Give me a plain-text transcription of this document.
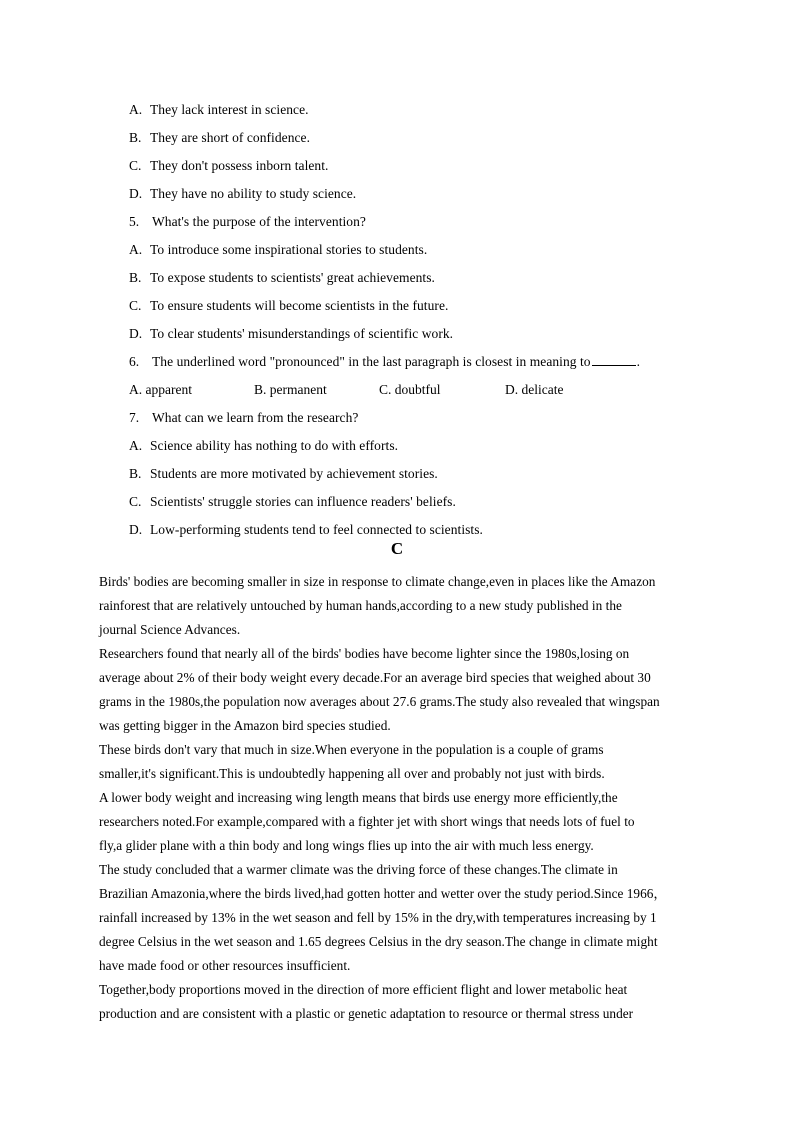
A. They lack interest in science.
B. They are short of confidence.
C. They don't possess inborn talent.
D. They have no ability to study science.
5. What's the purpose of the intervention?
A. To introduce some inspirational stories to students.
B. To expose students to scientists' great achievements.
C. To ensure students will become scientists in the future.
D. To clear students' misunderstandings of scientific work.
6. The underlined word "pronounced" in the last paragraph is closest in meaning to	.
A. apparent	B. permanent	C. doubtful	D. delicate
7. What can we learn from the research?
A. Science ability has nothing to do with efforts.
B. Students are more motivated by achievement stories.
C. Scientists' struggle stories can influence readers' beliefs.
D. Low-performing students tend to feel connected to scientists.
C
Birds' bodies are becoming smaller in size in response to climate change,even in places like the Amazon
rainforest that are relatively untouched by human hands,according to a new study published in the
journal Science Advances.
Researchers found that nearly all of the birds' bodies have become lighter since the 1980s,losing on
average about 2% of their body weight every decade.For an average bird species that weighed about 30
grams in the 1980s,the population now averages about 27.6 grams.The study also revealed that wingspan
was getting bigger in the Amazon bird species studied.
These birds don't vary that much in size.When everyone in the population is a couple of grams
smaller,it's significant.This is undoubtedly happening all over and probably not just with birds.
A lower body weight and increasing wing length means that birds use energy more efficiently,the
researchers noted.For example,compared with a fighter jet with short wings that needs lots of fuel to
fly,a glider plane with a thin body and long wings flies up into the air with much less energy.
The study concluded that a warmer climate was the driving force of these changes.The climate in
Brazilian Amazonia,where the birds lived,had gotten hotter and wetter over the study period.Since 1966，
rainfall increased by 13% in the wet season and fell by 15% in the dry,with temperatures increasing by 1
degree Celsius in the wet season and 1.65 degrees Celsius in the dry season.The change in climate might
have made food or other resources insufficient.
Together,body proportions moved in the direction of more efficient flight and lower metabolic heat
production and are consistent with a plastic or genetic adaptation to resource or thermal stress under
